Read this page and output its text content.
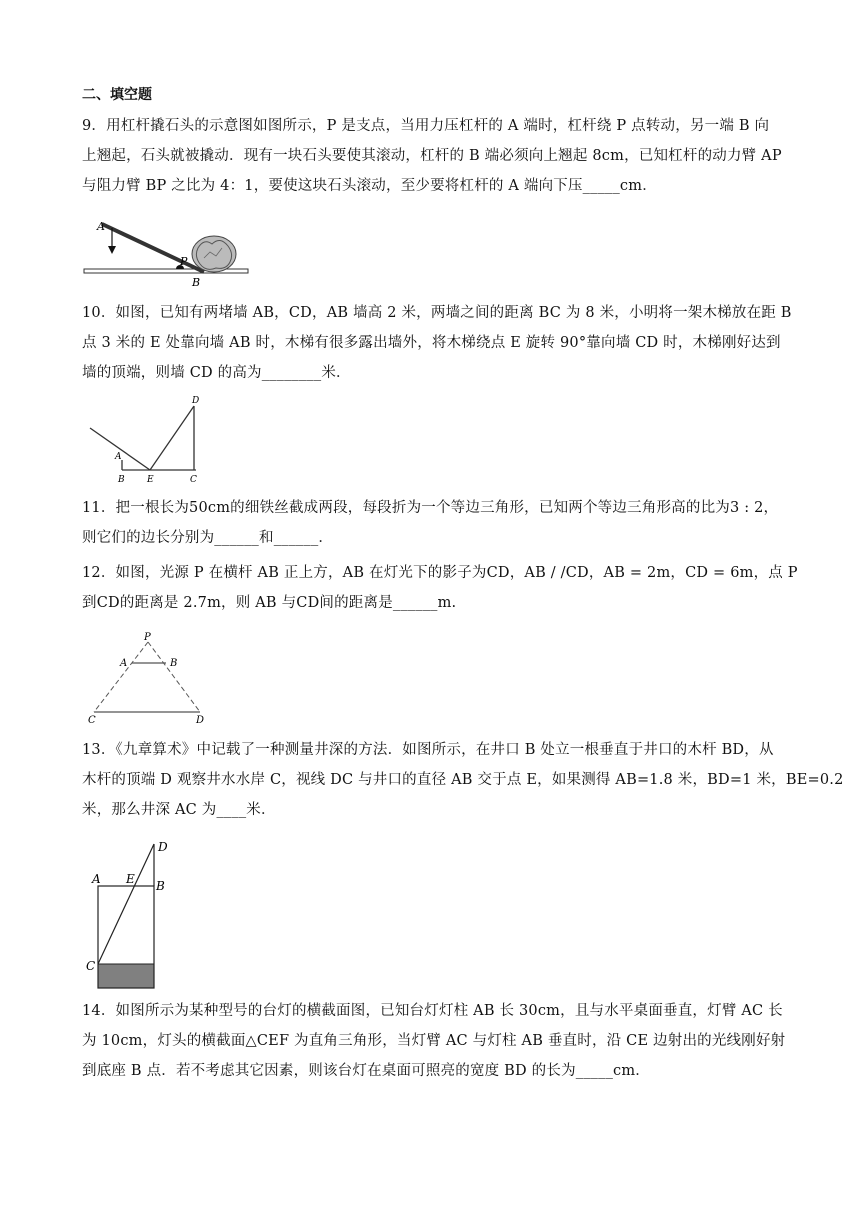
二、填空题
9．用杠杆撬石头的示意图如图所示，P 是支点，当用力压杠杆的 A 端时，杠杆绕 P 点转动，另一端 B 向
上翘起，石头就被撬动．现有一块石头要使其滚动，杠杆的 B 端必须向上翘起 8cm，已知杠杆的动力臂 AP
与阻力臂 BP 之比为 4：1，要使这块石头滚动，至少要将杠杆的 A 端向下压_____cm．
A
P
B
10．如图，已知有两堵墙 AB，CD，AB 墙高 2 米，两墙之间的距离 BC 为 8 米，小明将一架木梯放在距 B
点 3 米的 E 处靠向墙 AB 时，木梯有很多露出墙外，将木梯绕点 E 旋转 90°靠向墙 CD 时，木梯刚好达到
墙的顶端，则墙 CD 的高为________米．
D
A
B E	C
11．把一根长为50cm的细铁丝截成两段，每段折为一个等边三角形，已知两个等边三角形高的比为3 : 2，
则它们的边长分别为______和______．
12．如图，光源 P 在横杆 AB 正上方，AB 在灯光下的影子为CD，AB / /CD，AB = 2m，CD = 6m，点 P
到CD的距离是 2.7m，则 AB 与CD间的距离是______m.
P
A	B
C	D
13．《九章算术》中记载了一种测量井深的方法．如图所示，在井口 B 处立一根垂直于井口的木杆 BD，从
木杆的顶端 D 观察井水水岸 C，视线 DC 与井口的直径 AB 交于点 E，如果测得 AB=1.8 米，BD=1 米，BE=0.2
米，那么井深 AC 为____米．
D
A E B
C
14．如图所示为某种型号的台灯的横截面图，已知台灯灯柱 AB 长 30cm，且与水平桌面垂直，灯臂 AC 长
为 10cm，灯头的横截面△CEF 为直角三角形，当灯臂 AC 与灯柱 AB 垂直时，沿 CE 边射出的光线刚好射
到底座 B 点．若不考虑其它因素，则该台灯在桌面可照亮的宽度 BD 的长为_____cm．
